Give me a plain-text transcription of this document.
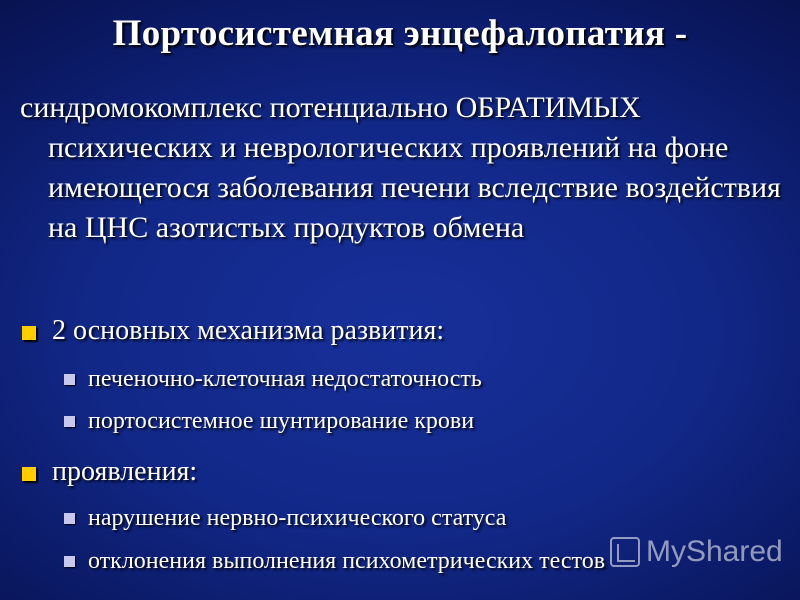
Портосистемная энцефалопатия -
синдромокомплекс потенциально ОБРАТИМЫХ психических и неврологических проявлений на фоне имеющегося заболевания печени вследствие воздействия на ЦНС азотистых продуктов обмена
2 основных механизма развития:
печеночно-клеточная недостаточность
портосистемное шунтирование крови
проявления:
нарушение нервно-психического статуса
отклонения выполнения психометрических тестов MyShared
